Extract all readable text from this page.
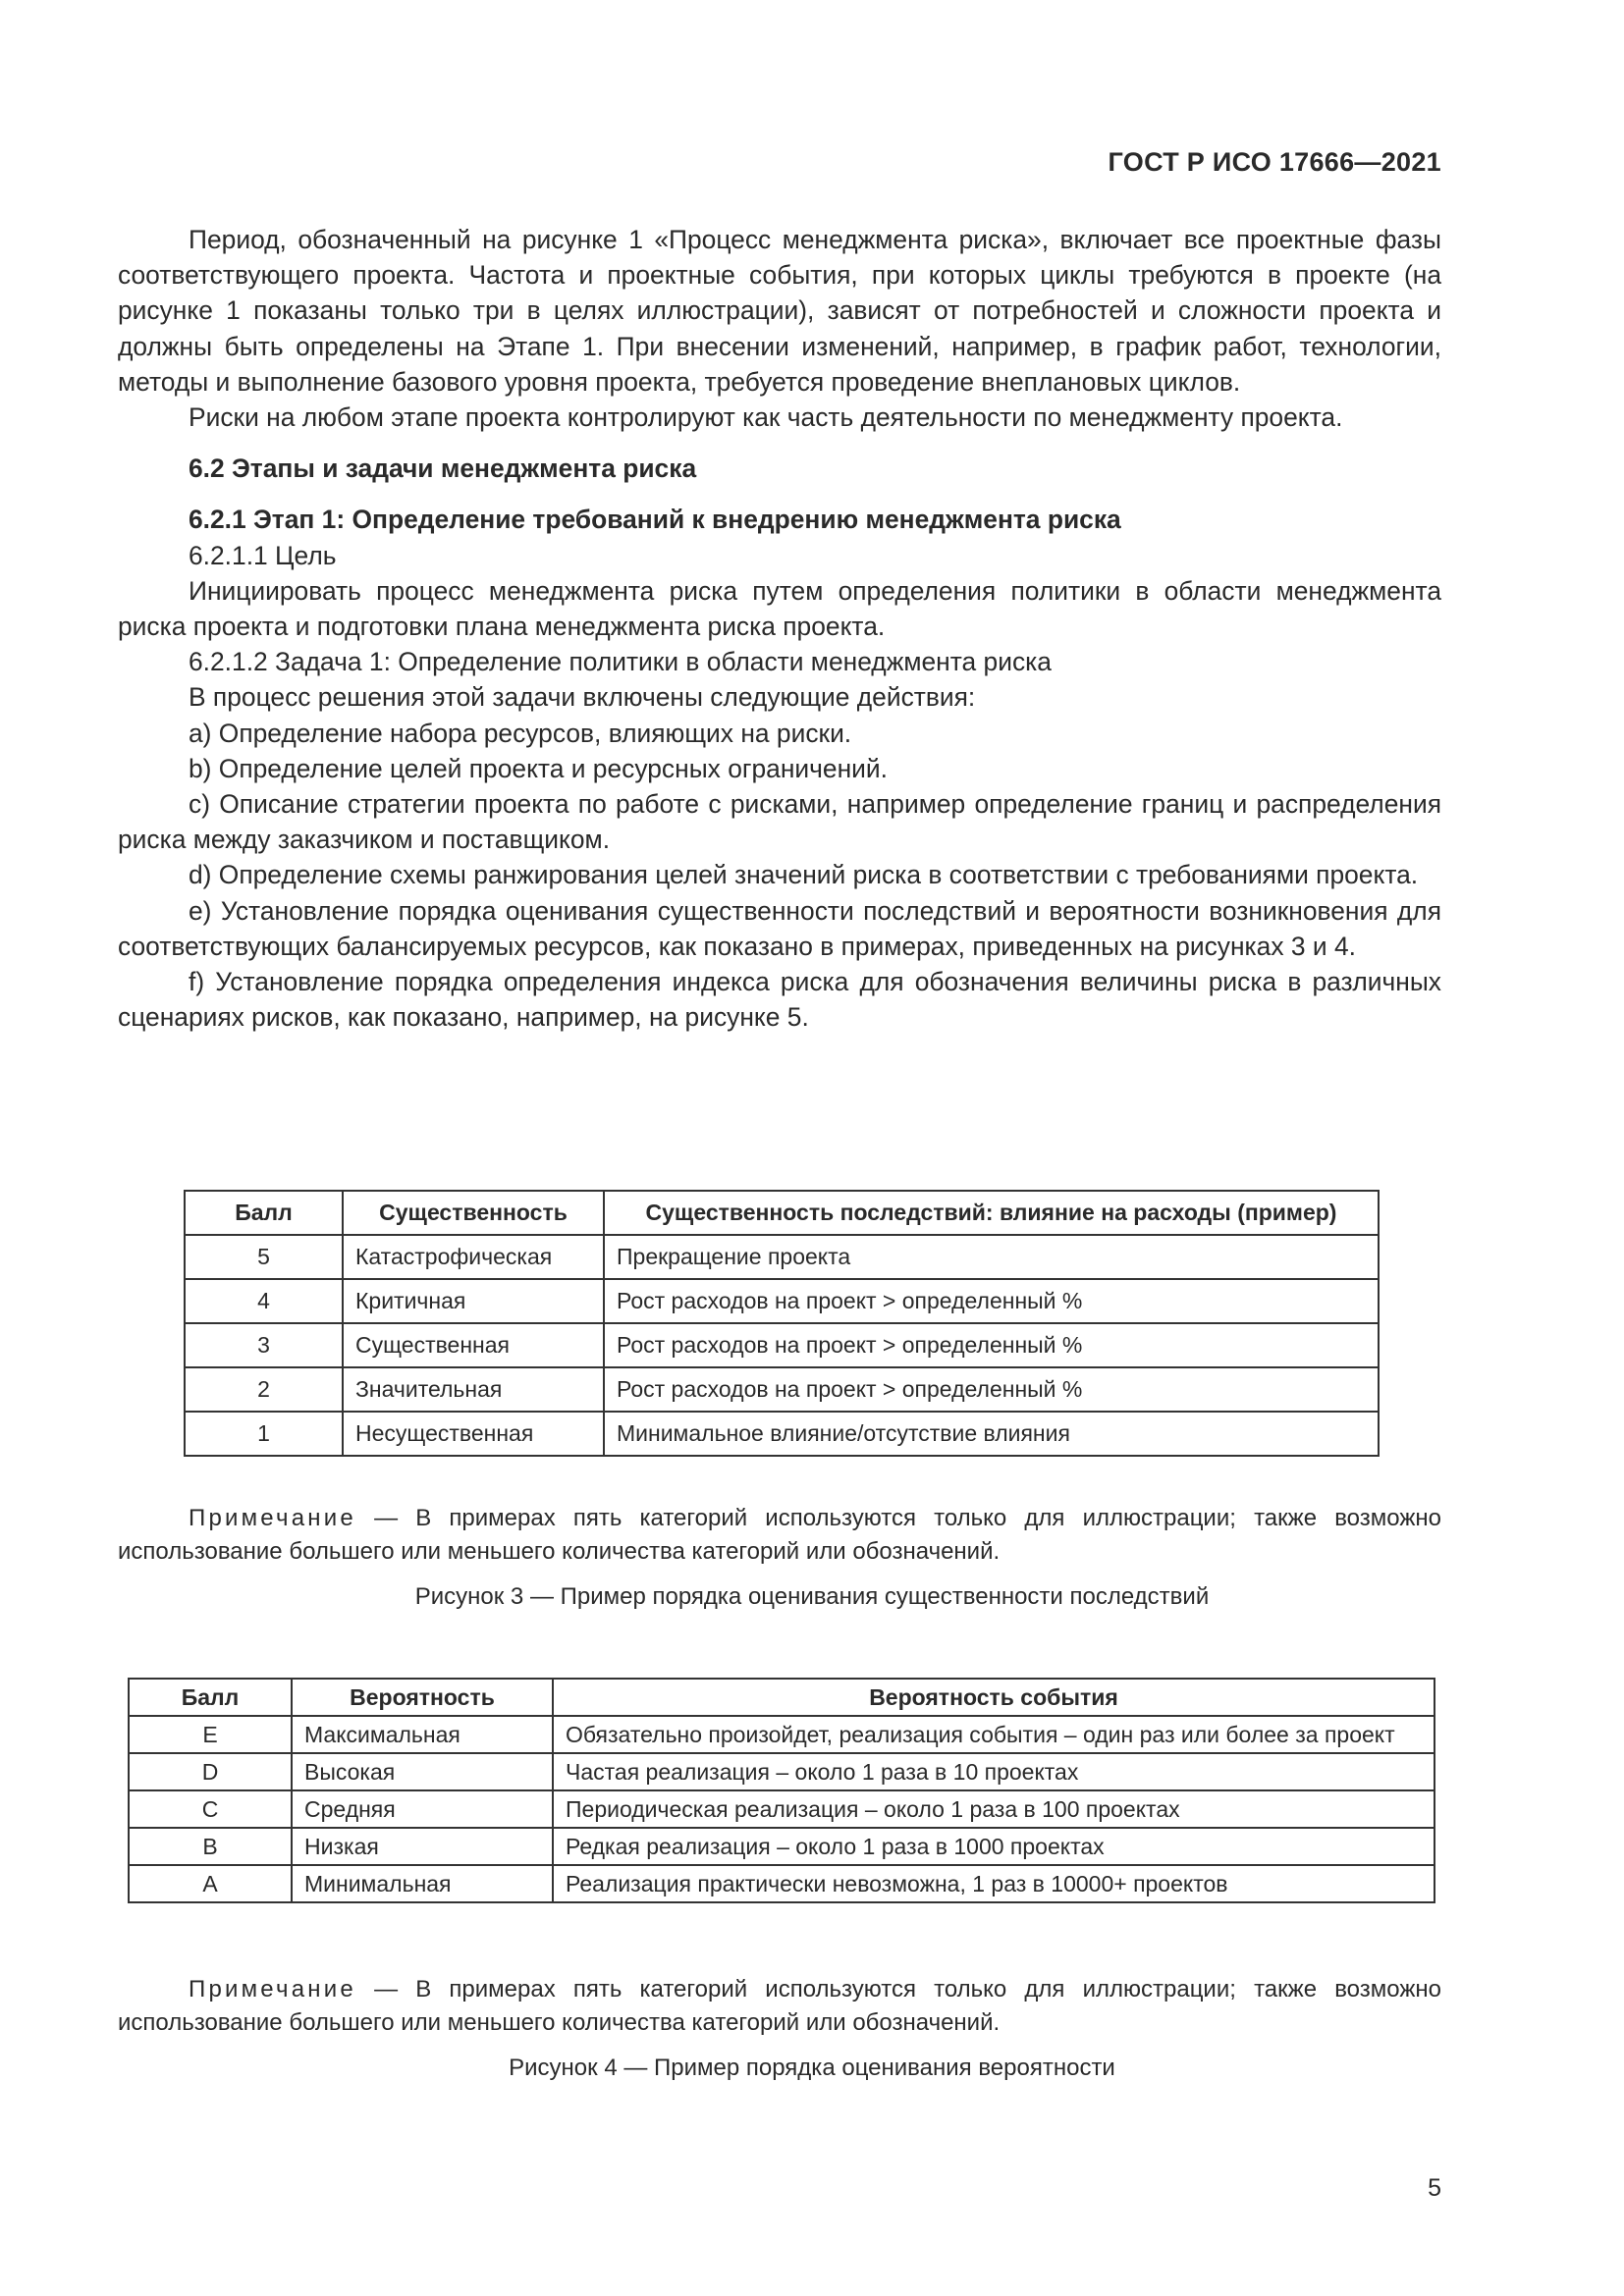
ГОСТ Р ИСО 17666—2021

Период, обозначенный на рисунке 1 «Процесс менеджмента риска», включает все проектные фазы соответствующего проекта. Частота и проектные события, при которых циклы требуются в проекте (на рисунке 1 показаны только три в целях иллюстрации), зависят от потребностей и сложности проекта и должны быть определены на Этапе 1. При внесении изменений, например, в график работ, технологии, методы и выполнение базового уровня проекта, требуется проведение внеплановых циклов.

Риски на любом этапе проекта контролируют как часть деятельности по менеджменту проекта.

6.2 Этапы и задачи менеджмента риска

6.2.1 Этап 1: Определение требований к внедрению менеджмента риска

6.2.1.1 Цель

Инициировать процесс менеджмента риска путем определения политики в области менеджмента риска проекта и подготовки плана менеджмента риска проекта.

6.2.1.2 Задача 1: Определение политики в области менеджмента риска

В процесс решения этой задачи включены следующие действия:

a) Определение набора ресурсов, влияющих на риски.

b) Определение целей проекта и ресурсных ограничений.

c) Описание стратегии проекта по работе с рисками, например определение границ и распределения риска между заказчиком и поставщиком.

d) Определение схемы ранжирования целей значений риска в соответствии с требованиями проекта.

e) Установление порядка оценивания существенности последствий и вероятности возникновения для соответствующих балансируемых ресурсов, как показано в примерах, приведенных на рисунках 3 и 4.

f) Установление порядка определения индекса риска для обозначения величины риска в различных сценариях рисков, как показано, например, на рисунке 5.

Балл	Существенность	Существенность последствий: влияние на расходы (пример)
5	Катастрофическая	Прекращение проекта
4	Критичная	Рост расходов на проект > определенный %
3	Существенная	Рост расходов на проект > определенный %
2	Значительная	Рост расходов на проект > определенный %
1	Несущественная	Минимальное влияние/отсутствие влияния
Примечание — В примерах пять категорий используются только для иллюстрации; также возможно использование большего или меньшего количества категорий или обозначений.
Рисунок 3 — Пример порядка оценивания существенности последствий
Балл	Вероятность	Вероятность события
E	Максимальная	Обязательно произойдет, реализация события – один раз или более за проект
D	Высокая	Частая реализация – около 1 раза в 10 проектах
C	Средняя	Периодическая реализация – около 1 раза в 100 проектах
B	Низкая	Редкая реализация – около 1 раза в 1000 проектах
A	Минимальная	Реализация практически невозможна, 1 раз в 10000+ проектов
Примечание — В примерах пять категорий используются только для иллюстрации; также возможно использование большего или меньшего количества категорий или обозначений.
Рисунок 4 — Пример порядка оценивания вероятности
5
